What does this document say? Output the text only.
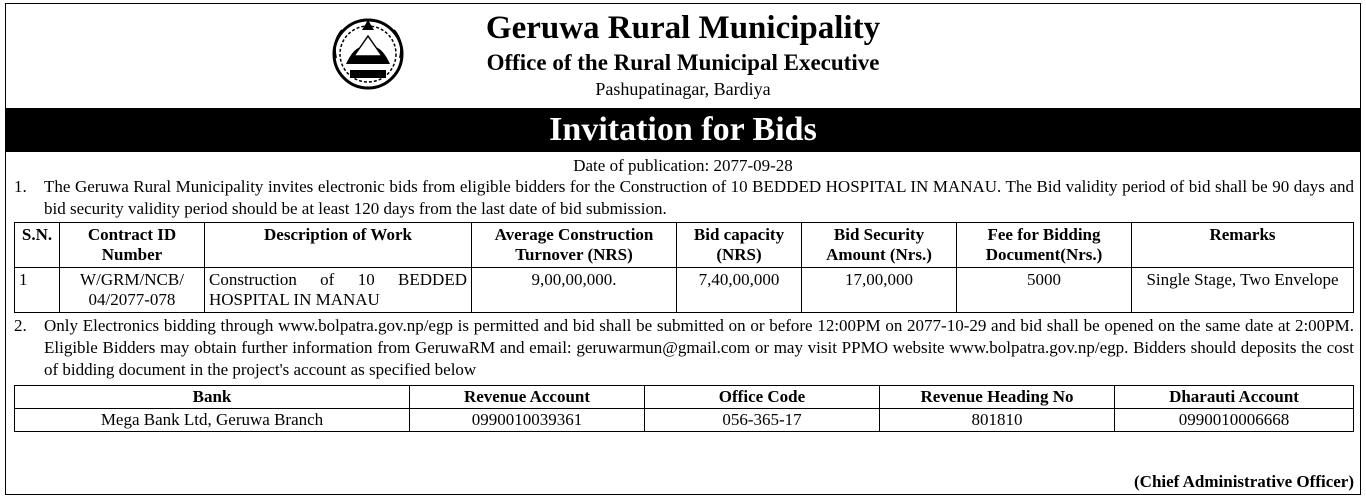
Geruwa Rural Municipality
Office of the Rural Municipal Executive
Pashupatinagar, Bardiya
Invitation for Bids
Date of publication: 2077-09-28
1. The Geruwa Rural Municipality invites electronic bids from eligible bidders for the Construction of 10 BEDDED HOSPITAL IN MANAU. The Bid validity period of bid shall be 90 days and bid security validity period should be at least 120 days from the last date of bid submission.
S.N.	Contract ID Number	Description of Work	Average Construction Turnover (NRS)	Bid capacity (NRS)	Bid Security Amount (Nrs.)	Fee for Bidding Document(Nrs.)	Remarks
1	W/GRM/NCB/ 04/2077-078	Construction of 10 BEDDED HOSPITAL IN MANAU	9,00,00,000.	7,40,00,000	17,00,000	5000	Single Stage, Two Envelope
2. Only Electronics bidding through www.bolpatra.gov.np/egp is permitted and bid shall be submitted on or before 12:00PM on 2077-10-29 and bid shall be opened on the same date at 2:00PM. Eligible Bidders may obtain further information from GeruwaRM and email: geruwarmun@gmail.com or may visit PPMO website www.bolpatra.gov.np/egp. Bidders should deposits the cost of bidding document in the project's account as specified below
Bank	Revenue Account	Office Code	Revenue Heading No	Dharauti Account
Mega Bank Ltd, Geruwa Branch	0990010039361	056-365-17	801810	0990010006668
(Chief Administrative Officer)
